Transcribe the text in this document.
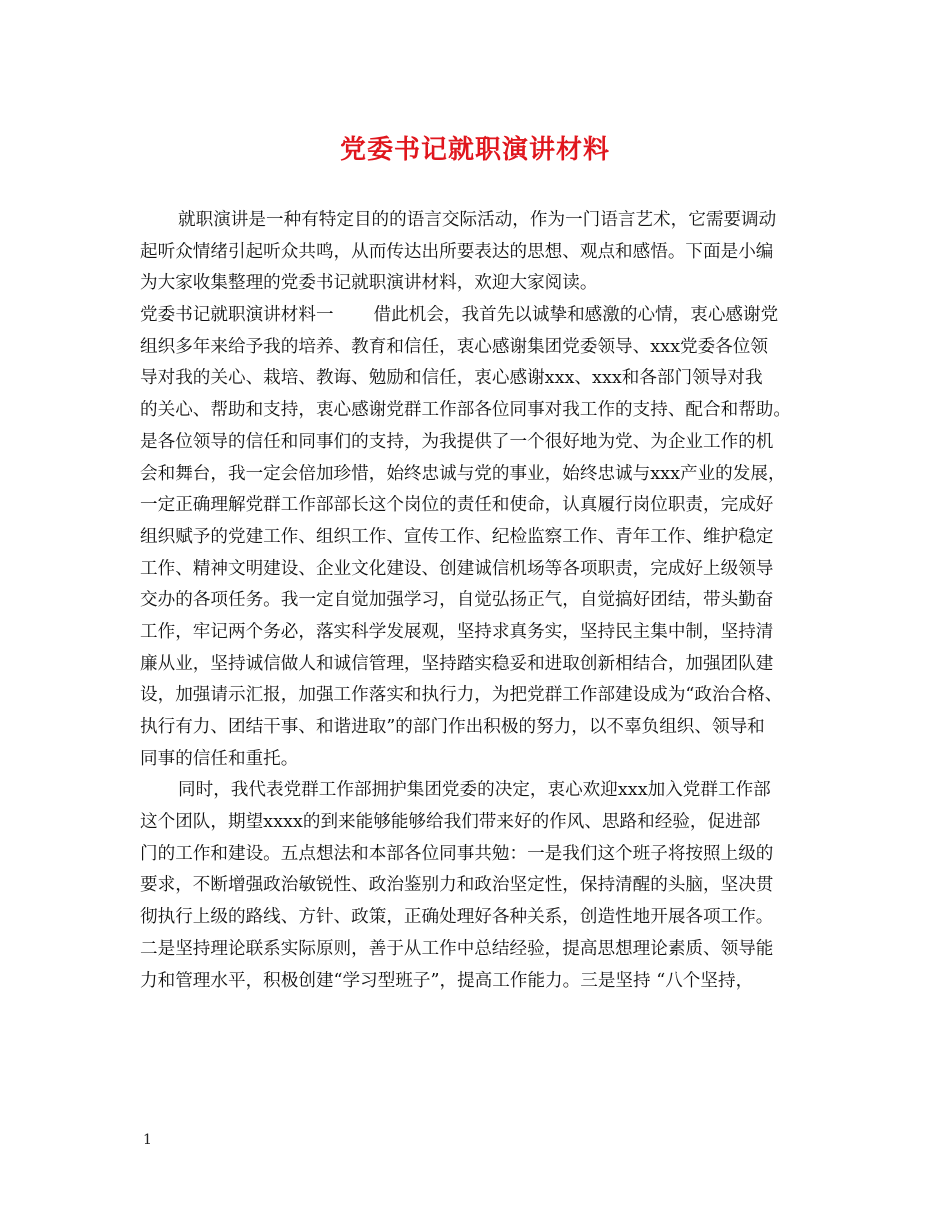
党委书记就职演讲材料
就职演讲是一种有特定目的的语言交际活动，作为一门语言艺术，它需要调动
起听众情绪引起听众共鸣，从而传达出所要表达的思想、观点和感悟。下面是小编
为大家收集整理的党委书记就职演讲材料，欢迎大家阅读。
党委书记就职演讲材料一 借此机会，我首先以诚挚和感激的心情，衷心感谢党
组织多年来给予我的培养、教育和信任，衷心感谢集团党委领导、xxx党委各位领
导对我的关心、栽培、教诲、勉励和信任，衷心感谢xxx、xxx和各部门领导对我
的关心、帮助和支持，衷心感谢党群工作部各位同事对我工作的支持、配合和帮助。
是各位领导的信任和同事们的支持，为我提供了一个很好地为党、为企业工作的机
会和舞台，我一定会倍加珍惜，始终忠诚与党的事业，始终忠诚与xxx产业的发展，
一定正确理解党群工作部部长这个岗位的责任和使命，认真履行岗位职责，完成好
组织赋予的党建工作、组织工作、宣传工作、纪检监察工作、青年工作、维护稳定
工作、精神文明建设、企业文化建设、创建诚信机场等各项职责，完成好上级领导
交办的各项任务。我一定自觉加强学习，自觉弘扬正气，自觉搞好团结，带头勤奋
工作，牢记两个务必，落实科学发展观，坚持求真务实，坚持民主集中制，坚持清
廉从业，坚持诚信做人和诚信管理，坚持踏实稳妥和进取创新相结合，加强团队建
设，加强请示汇报，加强工作落实和执行力，为把党群工作部建设成为“政治合格、
执行有力、团结干事、和谐进取”的部门作出积极的努力，以不辜负组织、领导和
同事的信任和重托。
同时，我代表党群工作部拥护集团党委的决定，衷心欢迎xxx加入党群工作部
这个团队，期望xxxx的到来能够能够给我们带来好的作风、思路和经验，促进部
门的工作和建设。五点想法和本部各位同事共勉：一是我们这个班子将按照上级的
要求，不断增强政治敏锐性、政治鉴别力和政治坚定性，保持清醒的头脑，坚决贯
彻执行上级的路线、方针、政策，正确处理好各种关系，创造性地开展各项工作。
二是坚持理论联系实际原则，善于从工作中总结经验，提高思想理论素质、领导能
力和管理水平，积极创建“学习型班子”，提高工作能力。三是坚持 “八个坚持，
1
